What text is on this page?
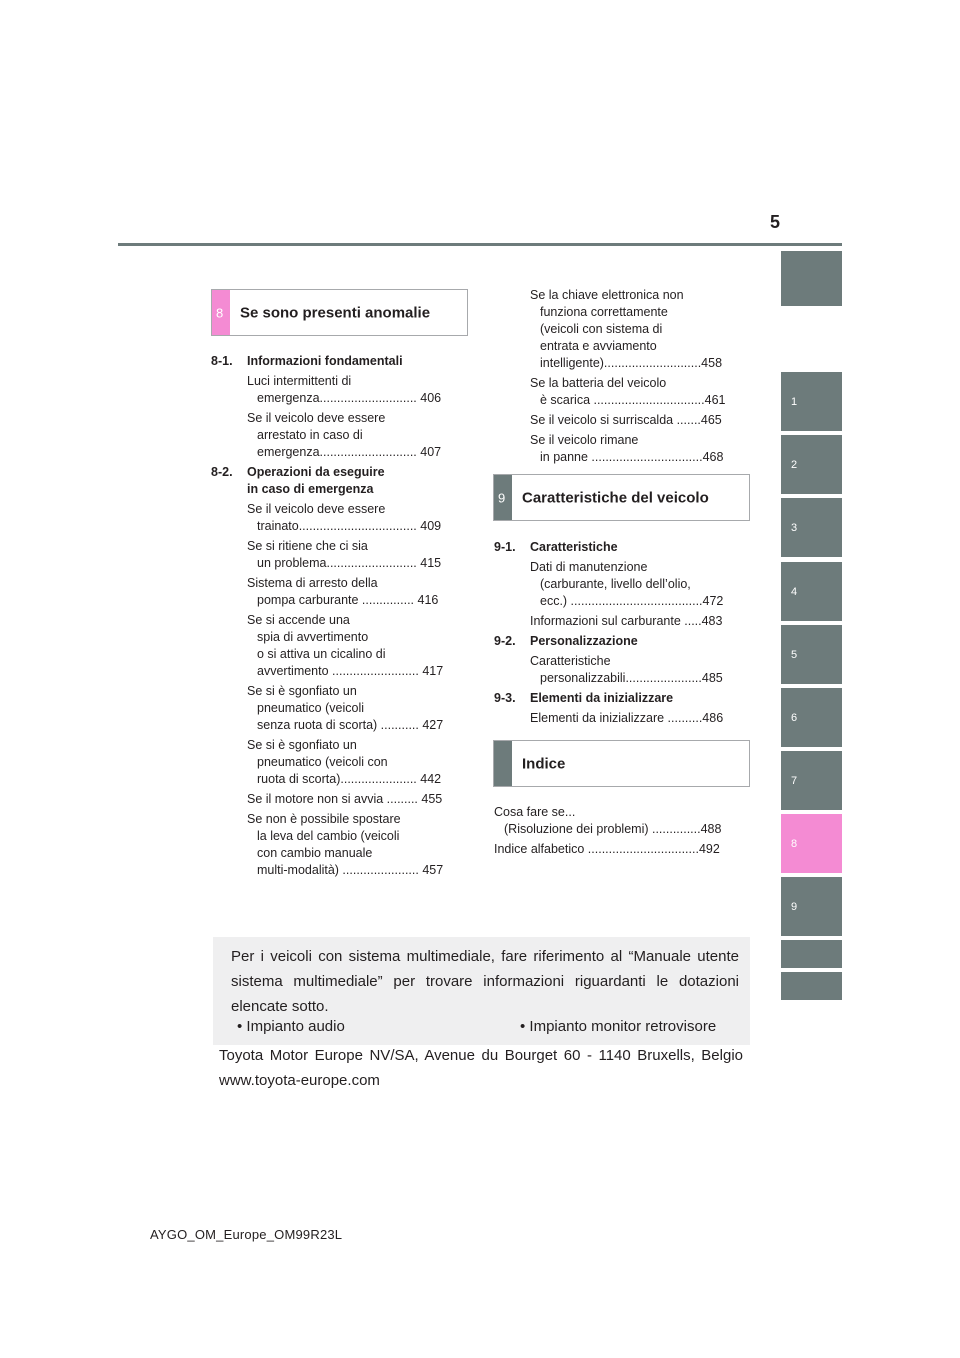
5
1
2
3
4
5
6
7
8
9
8 Se sono presenti anomalie
9 Caratteristiche del veicolo
Indice
8-1.	Informazioni fondamentali
Luci intermittenti di
emergenza............................ 406
Se il veicolo deve essere
arrestato in caso di
emergenza............................ 407
8-2.	Operazioni da eseguire
in caso di emergenza
Se il veicolo deve essere
trainato.................................. 409
Se si ritiene che ci sia
un problema.......................... 415
Sistema di arresto della
pompa carburante ............... 416
Se si accende una
spia di avvertimento
o si attiva un cicalino di
avvertimento ......................... 417
Se si è sgonfiato un
pneumatico (veicoli
senza ruota di scorta) ........... 427
Se si è sgonfiato un
pneumatico (veicoli con
ruota di scorta)...................... 442
Se il motore non si avvia ......... 455
Se non è possibile spostare
la leva del cambio (veicoli
con cambio manuale
multi-modalità) ...................... 457
Se la chiave elettronica non
funziona correttamente
(veicoli con sistema di
entrata e avviamento
intelligente)............................458
Se la batteria del veicolo
è scarica ................................461
Se il veicolo si surriscalda .......465
Se il veicolo rimane
in panne ................................468
9-1.	Caratteristiche
Dati di manutenzione
(carburante, livello dell’olio,
ecc.) ......................................472
Informazioni sul carburante .....483
9-2.	Personalizzazione
Caratteristiche
personalizzabili......................485
9-3.	Elementi da inizializzare
Elementi da inizializzare ..........486
Cosa fare se...
(Risoluzione dei problemi) ..............488
Indice alfabetico ................................492
Per i veicoli con sistema multimediale, fare riferimento al “Manuale utente sistema multimediale” per trovare informazioni riguardanti le dotazioni elencate sotto.
• Impianto audio	• Impianto monitor retrovisore
Toyota Motor Europe NV/SA, Avenue du Bourget 60 - 1140 Bruxells, Belgio
www.toyota-europe.com
AYGO_OM_Europe_OM99R23L
